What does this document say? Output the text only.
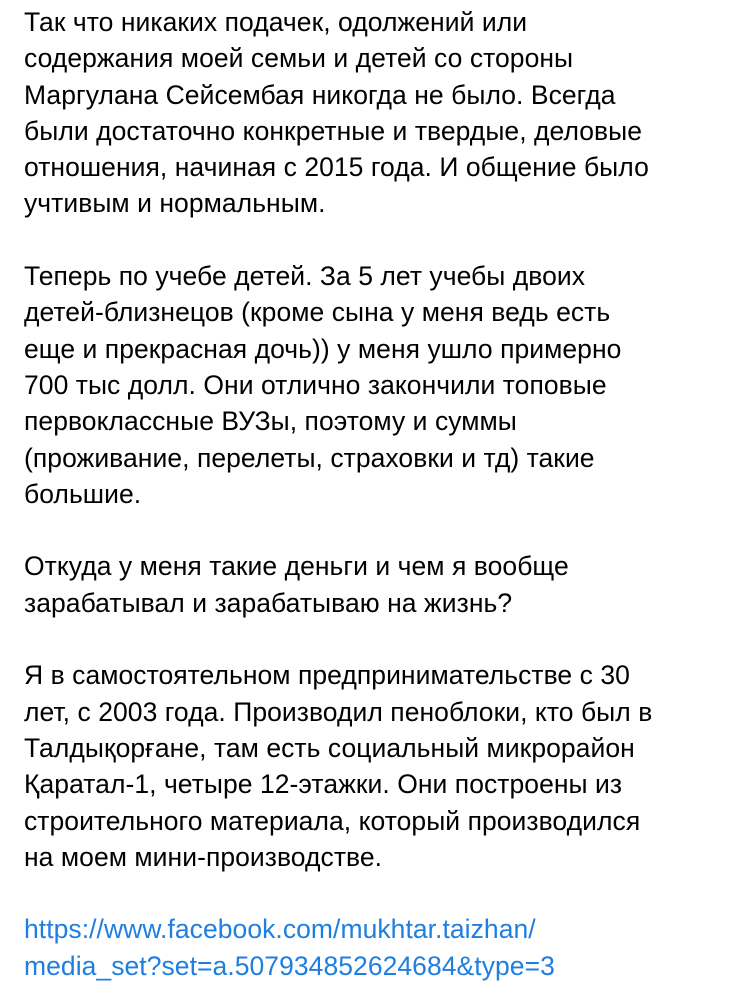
Так что никаких подачек, одолжений или
содержания моей семьи и детей со стороны
Маргулана Сейсембая никогда не было. Всегда
были достаточно конкретные и твердые, деловые
отношения, начиная с 2015 года. И общение было
учтивым и нормальным.

Теперь по учебе детей. За 5 лет учебы двоих
детей-близнецов (кроме сына у меня ведь есть
еще и прекрасная дочь)) у меня ушло примерно
700 тыс долл. Они отлично закончили топовые
первоклассные ВУЗы, поэтому и суммы
(проживание, перелеты, страховки и тд) такие
большие.

Откуда у меня такие деньги и чем я вообще
зарабатывал и зарабатываю на жизнь?

Я в самостоятельном предпринимательстве с 30
лет, с 2003 года. Производил пеноблоки, кто был в
Талдықорғане, там есть социальный микрорайон
Қаратал-1, четыре 12-этажки. Они построены из
строительного материала, который производился
на моем мини-производстве.

https://www.facebook.com/mukhtar.taizhan/
media_set?set=a.507934852624684&type=3
